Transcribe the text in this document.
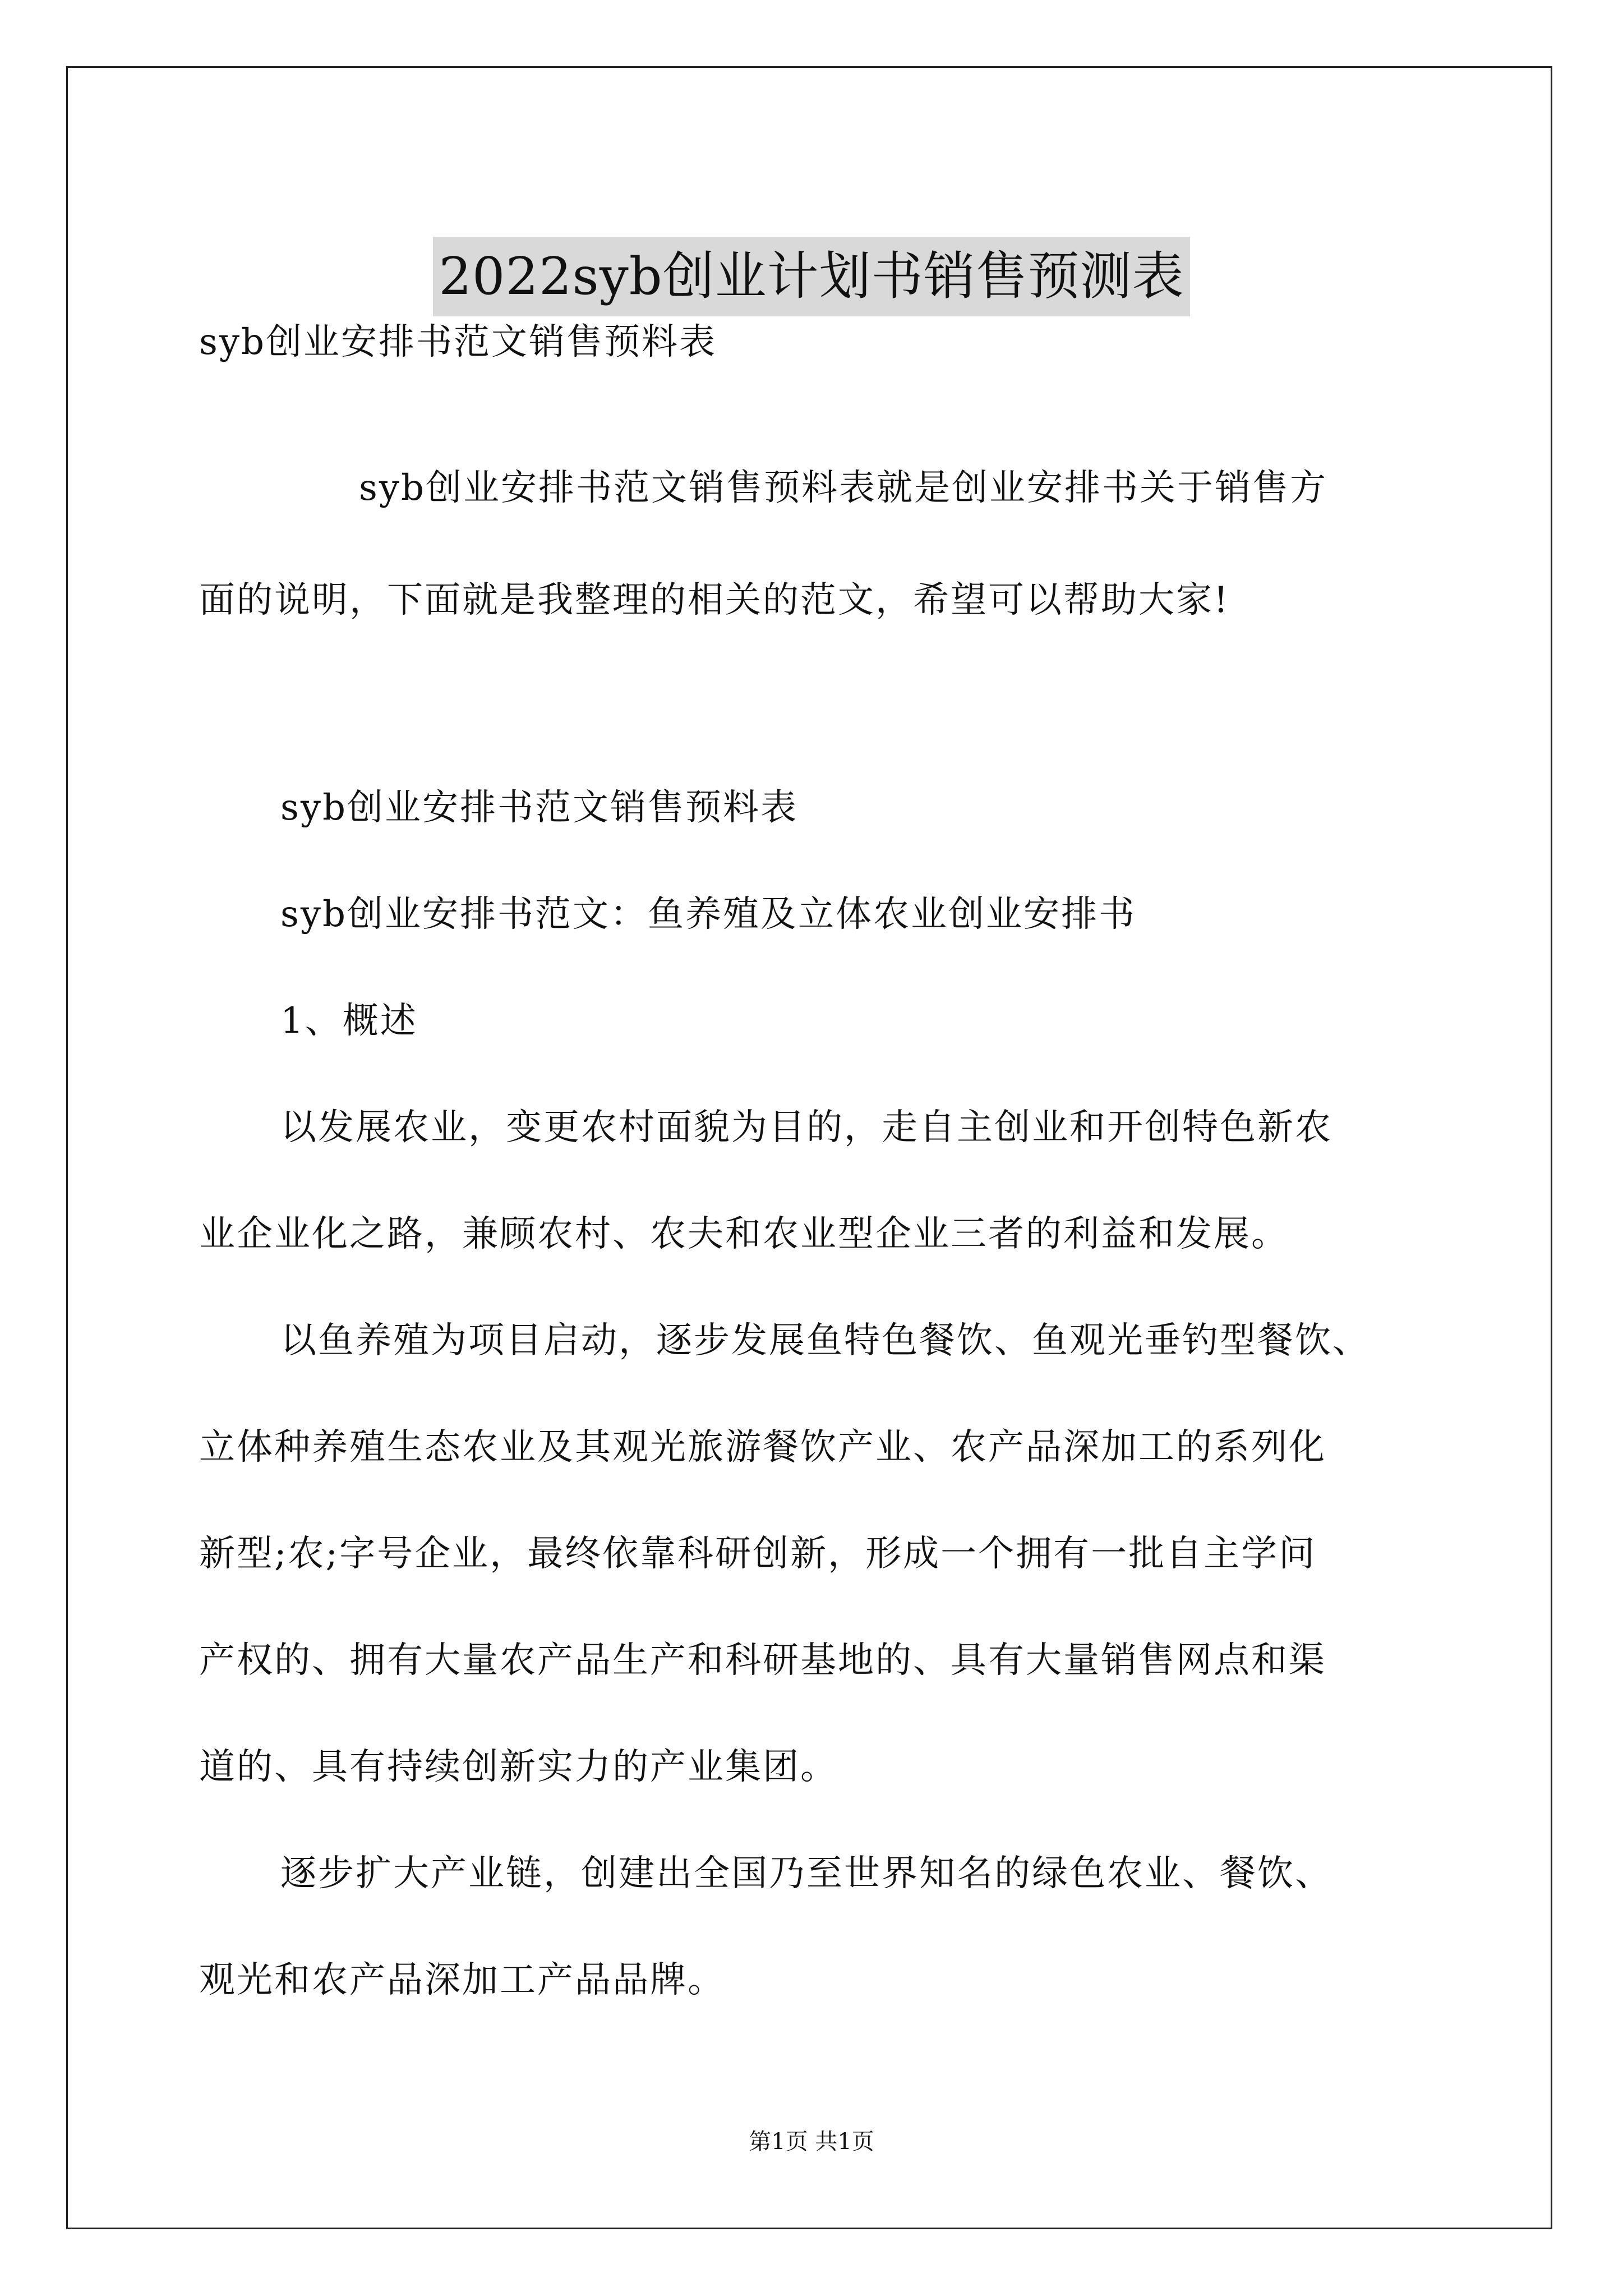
2022syb创业计划书销售预测表
syb创业安排书范文销售预料表
syb创业安排书范文销售预料表就是创业安排书关于销售方
面的说明，下面就是我整理的相关的范文，希望可以帮助大家!
syb创业安排书范文销售预料表
syb创业安排书范文：鱼养殖及立体农业创业安排书
1、概述
以发展农业，变更农村面貌为目的，走自主创业和开创特色新农
业企业化之路，兼顾农村、农夫和农业型企业三者的利益和发展。
以鱼养殖为项目启动，逐步发展鱼特色餐饮、鱼观光垂钓型餐饮、
立体种养殖生态农业及其观光旅游餐饮产业、农产品深加工的系列化
新型;农;字号企业，最终依靠科研创新，形成一个拥有一批自主学问
产权的、拥有大量农产品生产和科研基地的、具有大量销售网点和渠
道的、具有持续创新实力的产业集团。
逐步扩大产业链，创建出全国乃至世界知名的绿色农业、餐饮、
观光和农产品深加工产品品牌。
第1页 共1页
